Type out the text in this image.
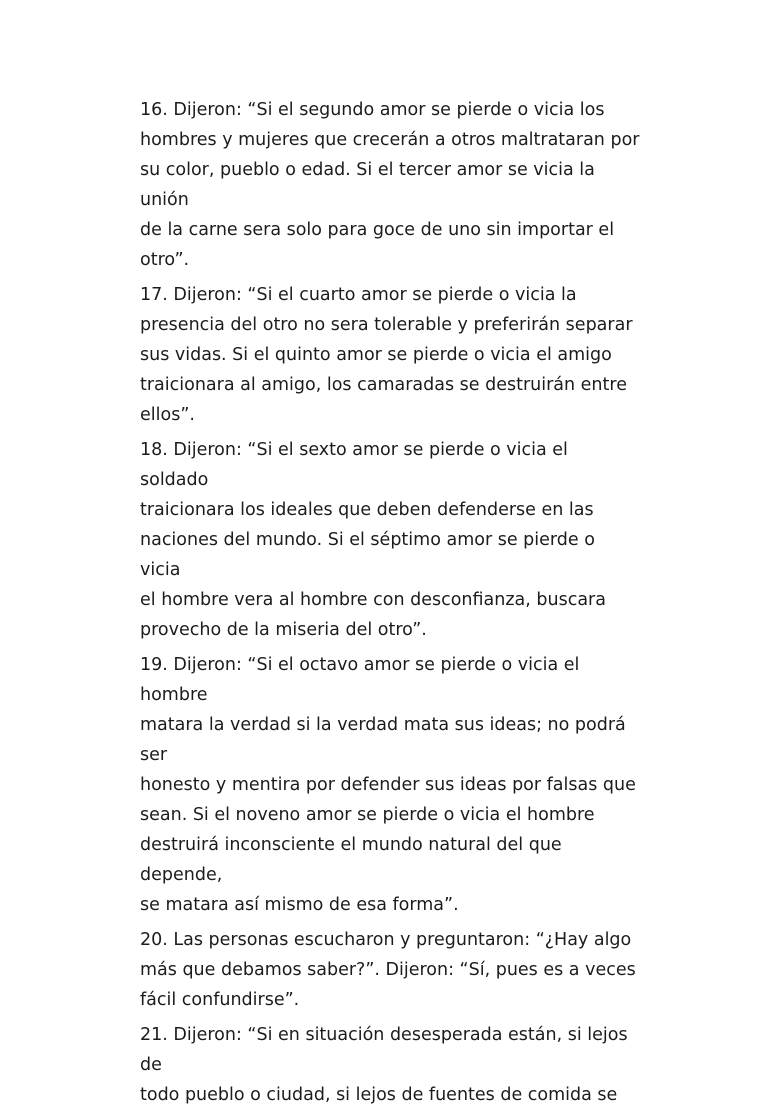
16. Dijeron: “Si el segundo amor se pierde o vicia los
hombres y mujeres que crecerán a otros maltrataran por
su color, pueblo o edad. Si el tercer amor se vicia la unión
de la carne sera solo para goce de uno sin importar el
otro”.
17. Dijeron: “Si el cuarto amor se pierde o vicia la
presencia del otro no sera tolerable y preferirán separar
sus vidas. Si el quinto amor se pierde o vicia el amigo
traicionara al amigo, los camaradas se destruirán entre
ellos”.
18. Dijeron: “Si el sexto amor se pierde o vicia el soldado
traicionara los ideales que deben defenderse en las
naciones del mundo. Si el séptimo amor se pierde o vicia
el hombre vera al hombre con desconfianza, buscara
provecho de la miseria del otro”.
19. Dijeron: “Si el octavo amor se pierde o vicia el hombre
matara la verdad si la verdad mata sus ideas; no podrá ser
honesto y mentira por defender sus ideas por falsas que
sean. Si el noveno amor se pierde o vicia el hombre
destruirá inconsciente el mundo natural del que depende,
se matara así mismo de esa forma”.
20. Las personas escucharon y preguntaron: “¿Hay algo
más que debamos saber?”. Dijeron: “Sí, pues es a veces
fácil confundirse”.
21. Dijeron: “Si en situación desesperada están, si lejos de
todo pueblo o ciudad, si lejos de fuentes de comida se
